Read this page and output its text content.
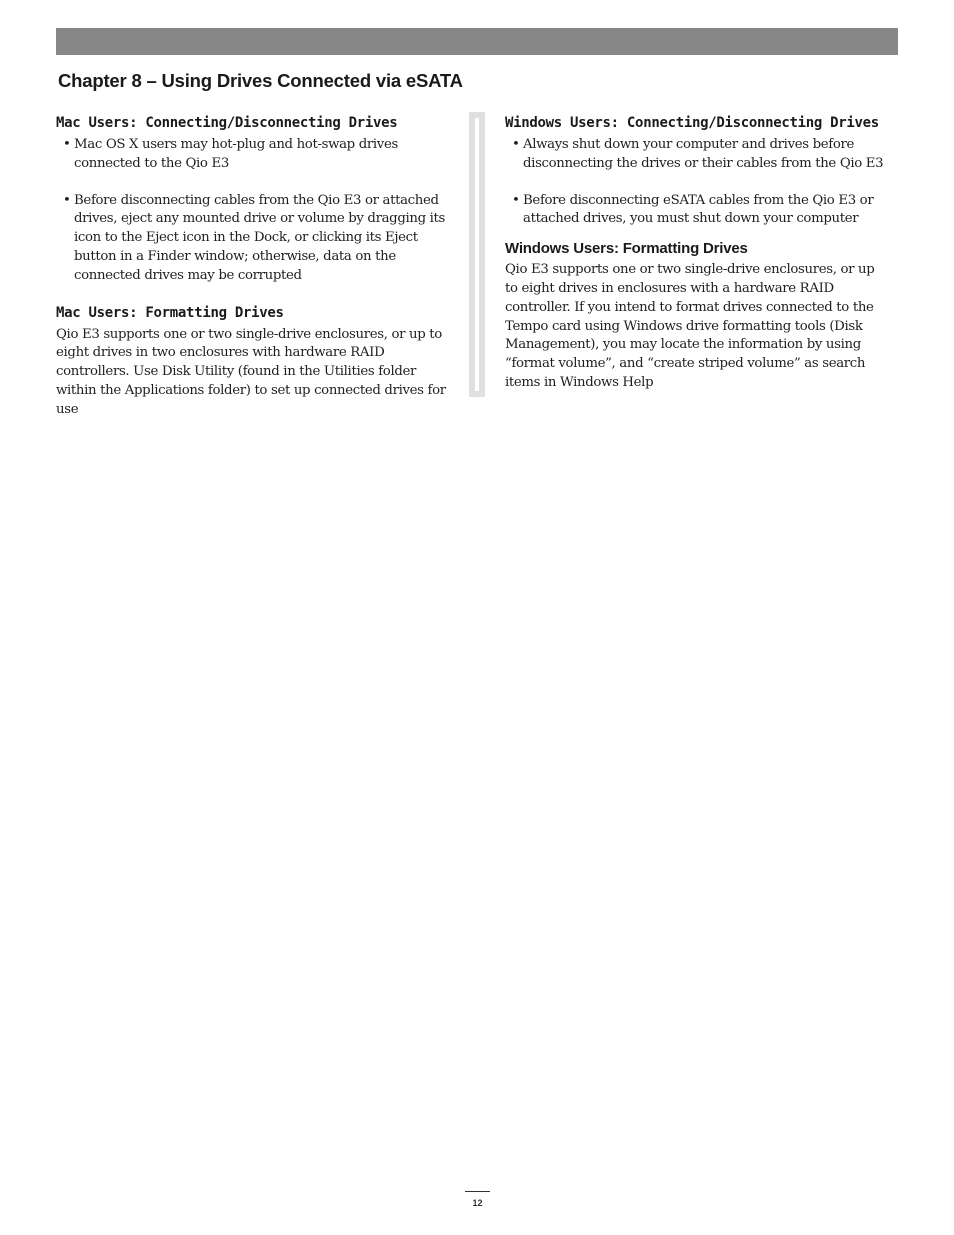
Chapter 8 – Using Drives Connected via eSATA
Mac Users: Connecting/Disconnecting Drives
• Mac OS X users may hot-plug and hot-swap drives connected to the Qio E3
• Before disconnecting cables from the Qio E3 or attached drives, eject any mounted drive or volume by dragging its icon to the Eject icon in the Dock, or clicking its Eject button in a Finder window; otherwise, data on the connected drives may be corrupted
Mac Users: Formatting Drives

Qio E3 supports one or two single-drive enclosures, or up to eight drives in two enclosures with hardware RAID controllers. Use Disk Utility (found in the Utilities folder within the Applications folder) to set up connected drives for use

Windows Users: Connecting/Disconnecting Drives
• Always shut down your computer and drives before disconnecting the drives or their cables from the Qio E3
• Before disconnecting eSATA cables from the Qio E3 or attached drives, you must shut down your computer
Windows Users: Formatting Drives

Qio E3 supports one or two single-drive enclosures, or up to eight drives in enclosures with a hardware RAID controller. If you intend to format drives connected to the Tempo card using Windows drive formatting tools (Disk Management), you may locate the information by using “format volume”, and “create striped volume” as search items in Windows Help

12
